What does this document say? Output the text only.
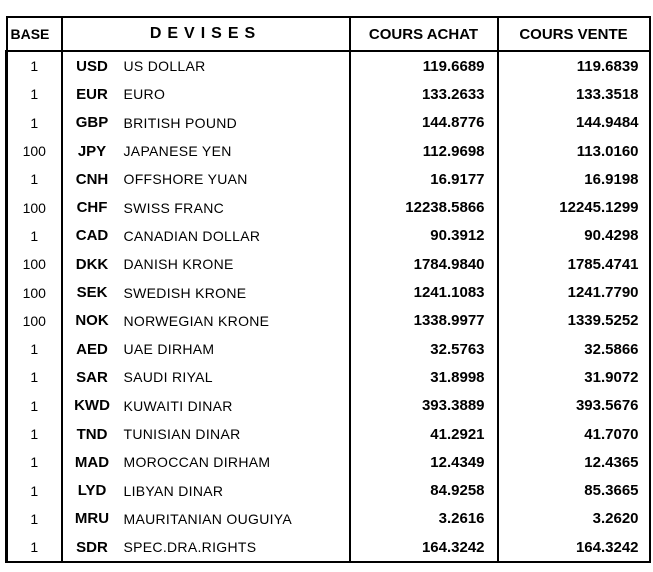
BASE	DEVISES		COURS ACHAT	COURS VENTE
1	USD	US DOLLAR	119.6689	119.6839
1	EUR	EURO	133.2633	133.3518
1	GBP	BRITISH POUND	144.8776	144.9484
100	JPY	JAPANESE YEN	112.9698	113.0160
1	CNH	OFFSHORE YUAN	16.9177	16.9198
100	CHF	SWISS FRANC	12238.5866	12245.1299
1	CAD	CANADIAN DOLLAR	90.3912	90.4298
100	DKK	DANISH KRONE	1784.9840	1785.4741
100	SEK	SWEDISH KRONE	1241.1083	1241.7790
100	NOK	NORWEGIAN KRONE	1338.9977	1339.5252
1	AED	UAE DIRHAM	32.5763	32.5866
1	SAR	SAUDI RIYAL	31.8998	31.9072
1	KWD	KUWAITI DINAR	393.3889	393.5676
1	TND	TUNISIAN DINAR	41.2921	41.7070
1	MAD	MOROCCAN DIRHAM	12.4349	12.4365
1	LYD	LIBYAN DINAR	84.9258	85.3665
1	MRU	MAURITANIAN OUGUIYA	3.2616	3.2620
1	SDR	SPEC.DRA.RIGHTS	164.3242	164.3242
